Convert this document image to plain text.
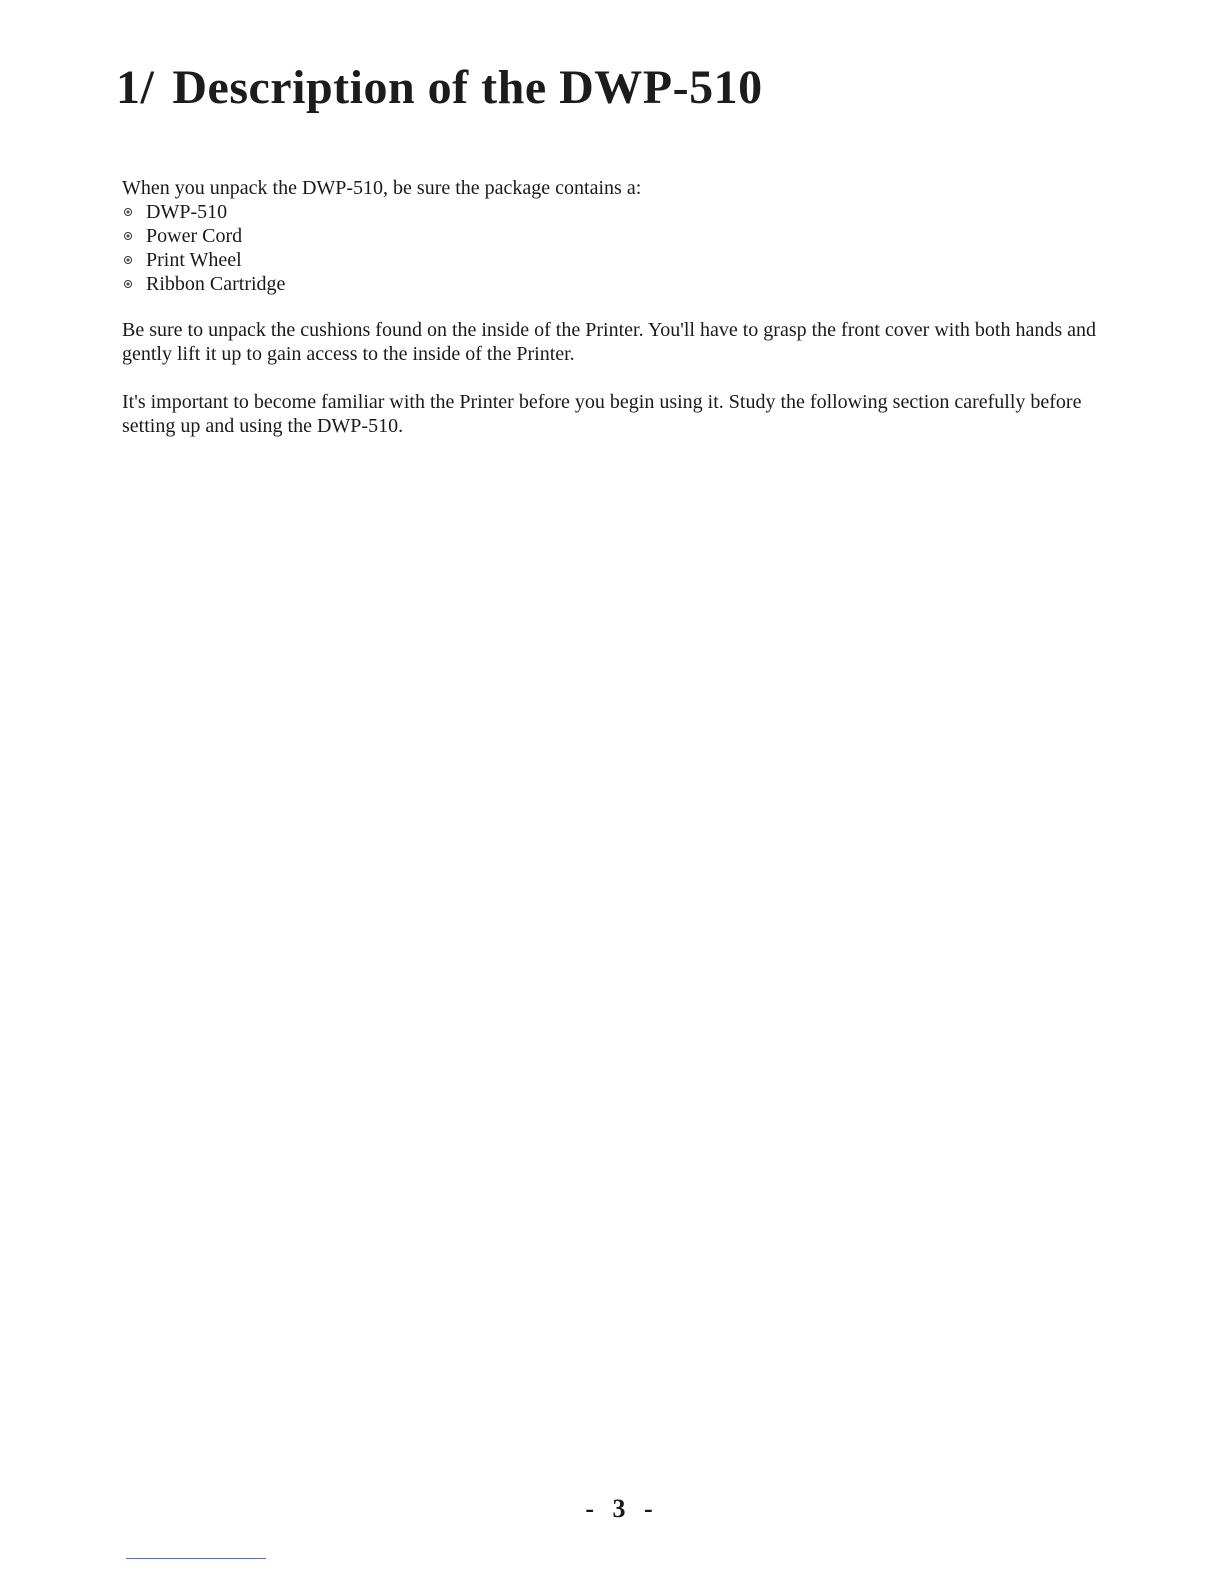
1/ Description of the DWP-510

When you unpack the DWP-510, be sure the package contains a:

DWP-510
Power Cord
Print Wheel
Ribbon Cartridge

Be sure to unpack the cushions found on the inside of the Printer. You'll have to grasp the front cover with both hands and gently lift it up to gain access to the inside of the Printer.

It's important to become familiar with the Printer before you begin using it. Study the following section carefully before setting up and using the DWP-510.

- 3 -
